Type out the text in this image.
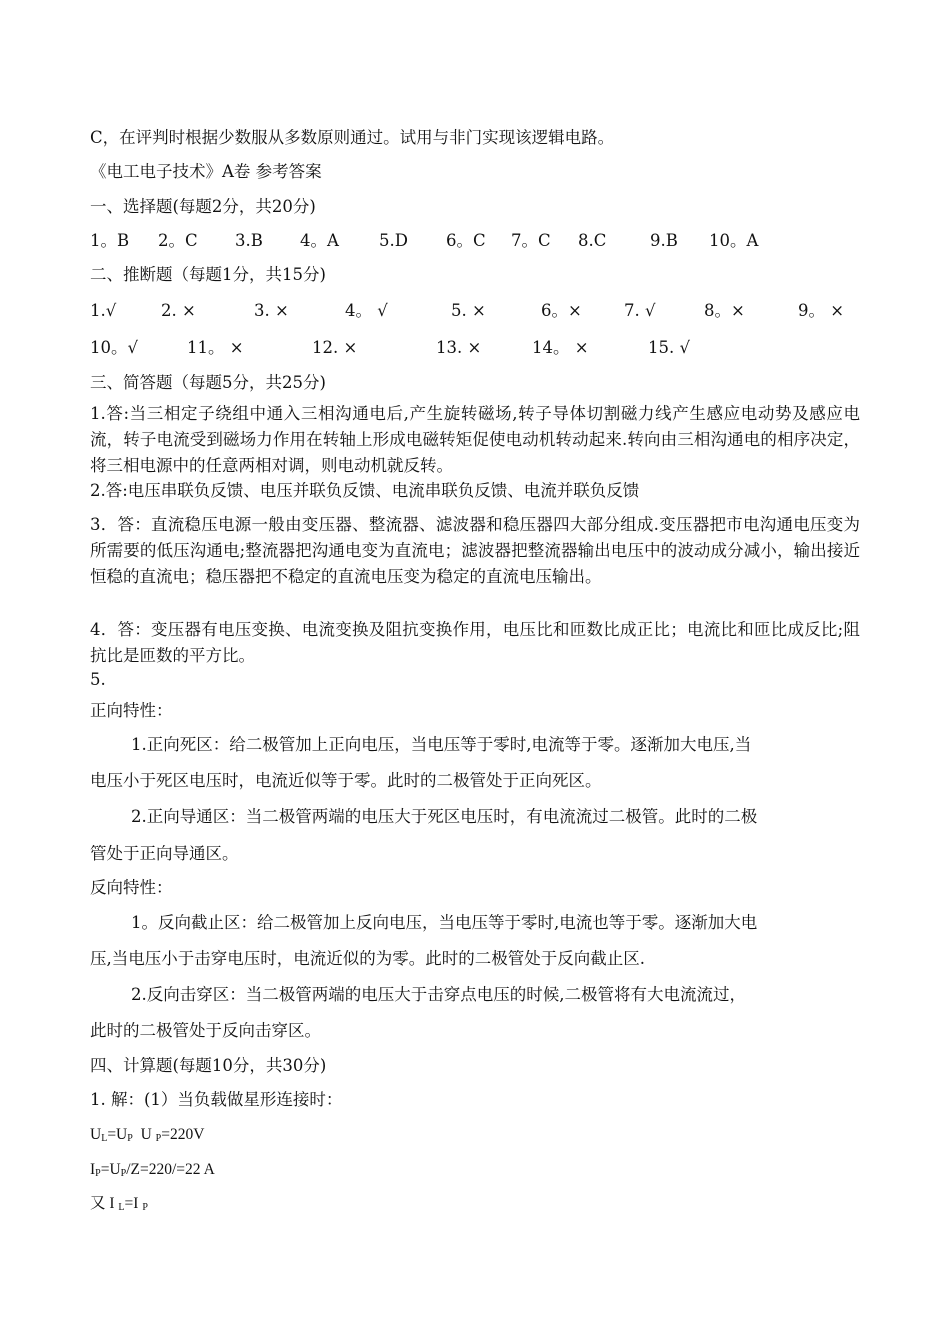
C，在评判时根据少数服从多数原则通过。试用与非门实现该逻辑电路。
《电工电子技术》A卷 参考答案
一、选择题(每题2分，共20分)
1。B 2。C 3.B 4。A 5.D 6。C 7。C 8.C	9.B 10。A
二、推断题（每题1分，共15分)
1.√	2. ×	3. ×	4。 √	5. ×	6。×	7. √	8。×	9。 ×
10。√	11。 ×	12. ×	13. ×	14。 ×	15. √
三、简答题（每题5分，共25分)
1.答:当三相定子绕组中通入三相沟通电后,产生旋转磁场,转子导体切割磁力线产生感应电动势及感应电流，转子电流受到磁场力作用在转轴上形成电磁转矩促使电动机转动起来.转向由三相沟通电的相序决定，将三相电源中的任意两相对调，则电动机就反转。
2.答:电压串联负反馈、电压并联负反馈、电流串联负反馈、电流并联负反馈
3．答：直流稳压电源一般由变压器、整流器、滤波器和稳压器四大部分组成.变压器把市电沟通电压变为所需要的低压沟通电;整流器把沟通电变为直流电；滤波器把整流器输出电压中的波动成分减小，输出接近恒稳的直流电；稳压器把不稳定的直流电压变为稳定的直流电压输出。
4．答：变压器有电压变换、电流变换及阻抗变换作用，电压比和匝数比成正比；电流比和匝比成反比;阻抗比是匝数的平方比。
5.
正向特性：
1.正向死区：给二极管加上正向电压，当电压等于零时,电流等于零。逐渐加大电压,当
电压小于死区电压时，电流近似等于零。此时的二极管处于正向死区。
2.正向导通区：当二极管两端的电压大于死区电压时，有电流流过二极管。此时的二极
管处于正向导通区。
反向特性：
1。反向截止区：给二极管加上反向电压，当电压等于零时,电流也等于零。逐渐加大电
压,当电压小于击穿电压时，电流近似的为零。此时的二极管处于反向截止区.
2.反向击穿区：当二极管两端的电压大于击穿点电压的时候,二极管将有大电流流过，
此时的二极管处于反向击穿区。
四、计算题(每题10分，共30分)
1. 解：(1）当负载做星形连接时：
$U_L=U_P$  U $_P$=220V
$I_P=U_P/Z=220/=22$ A
又 I $_L$=I $_P$
